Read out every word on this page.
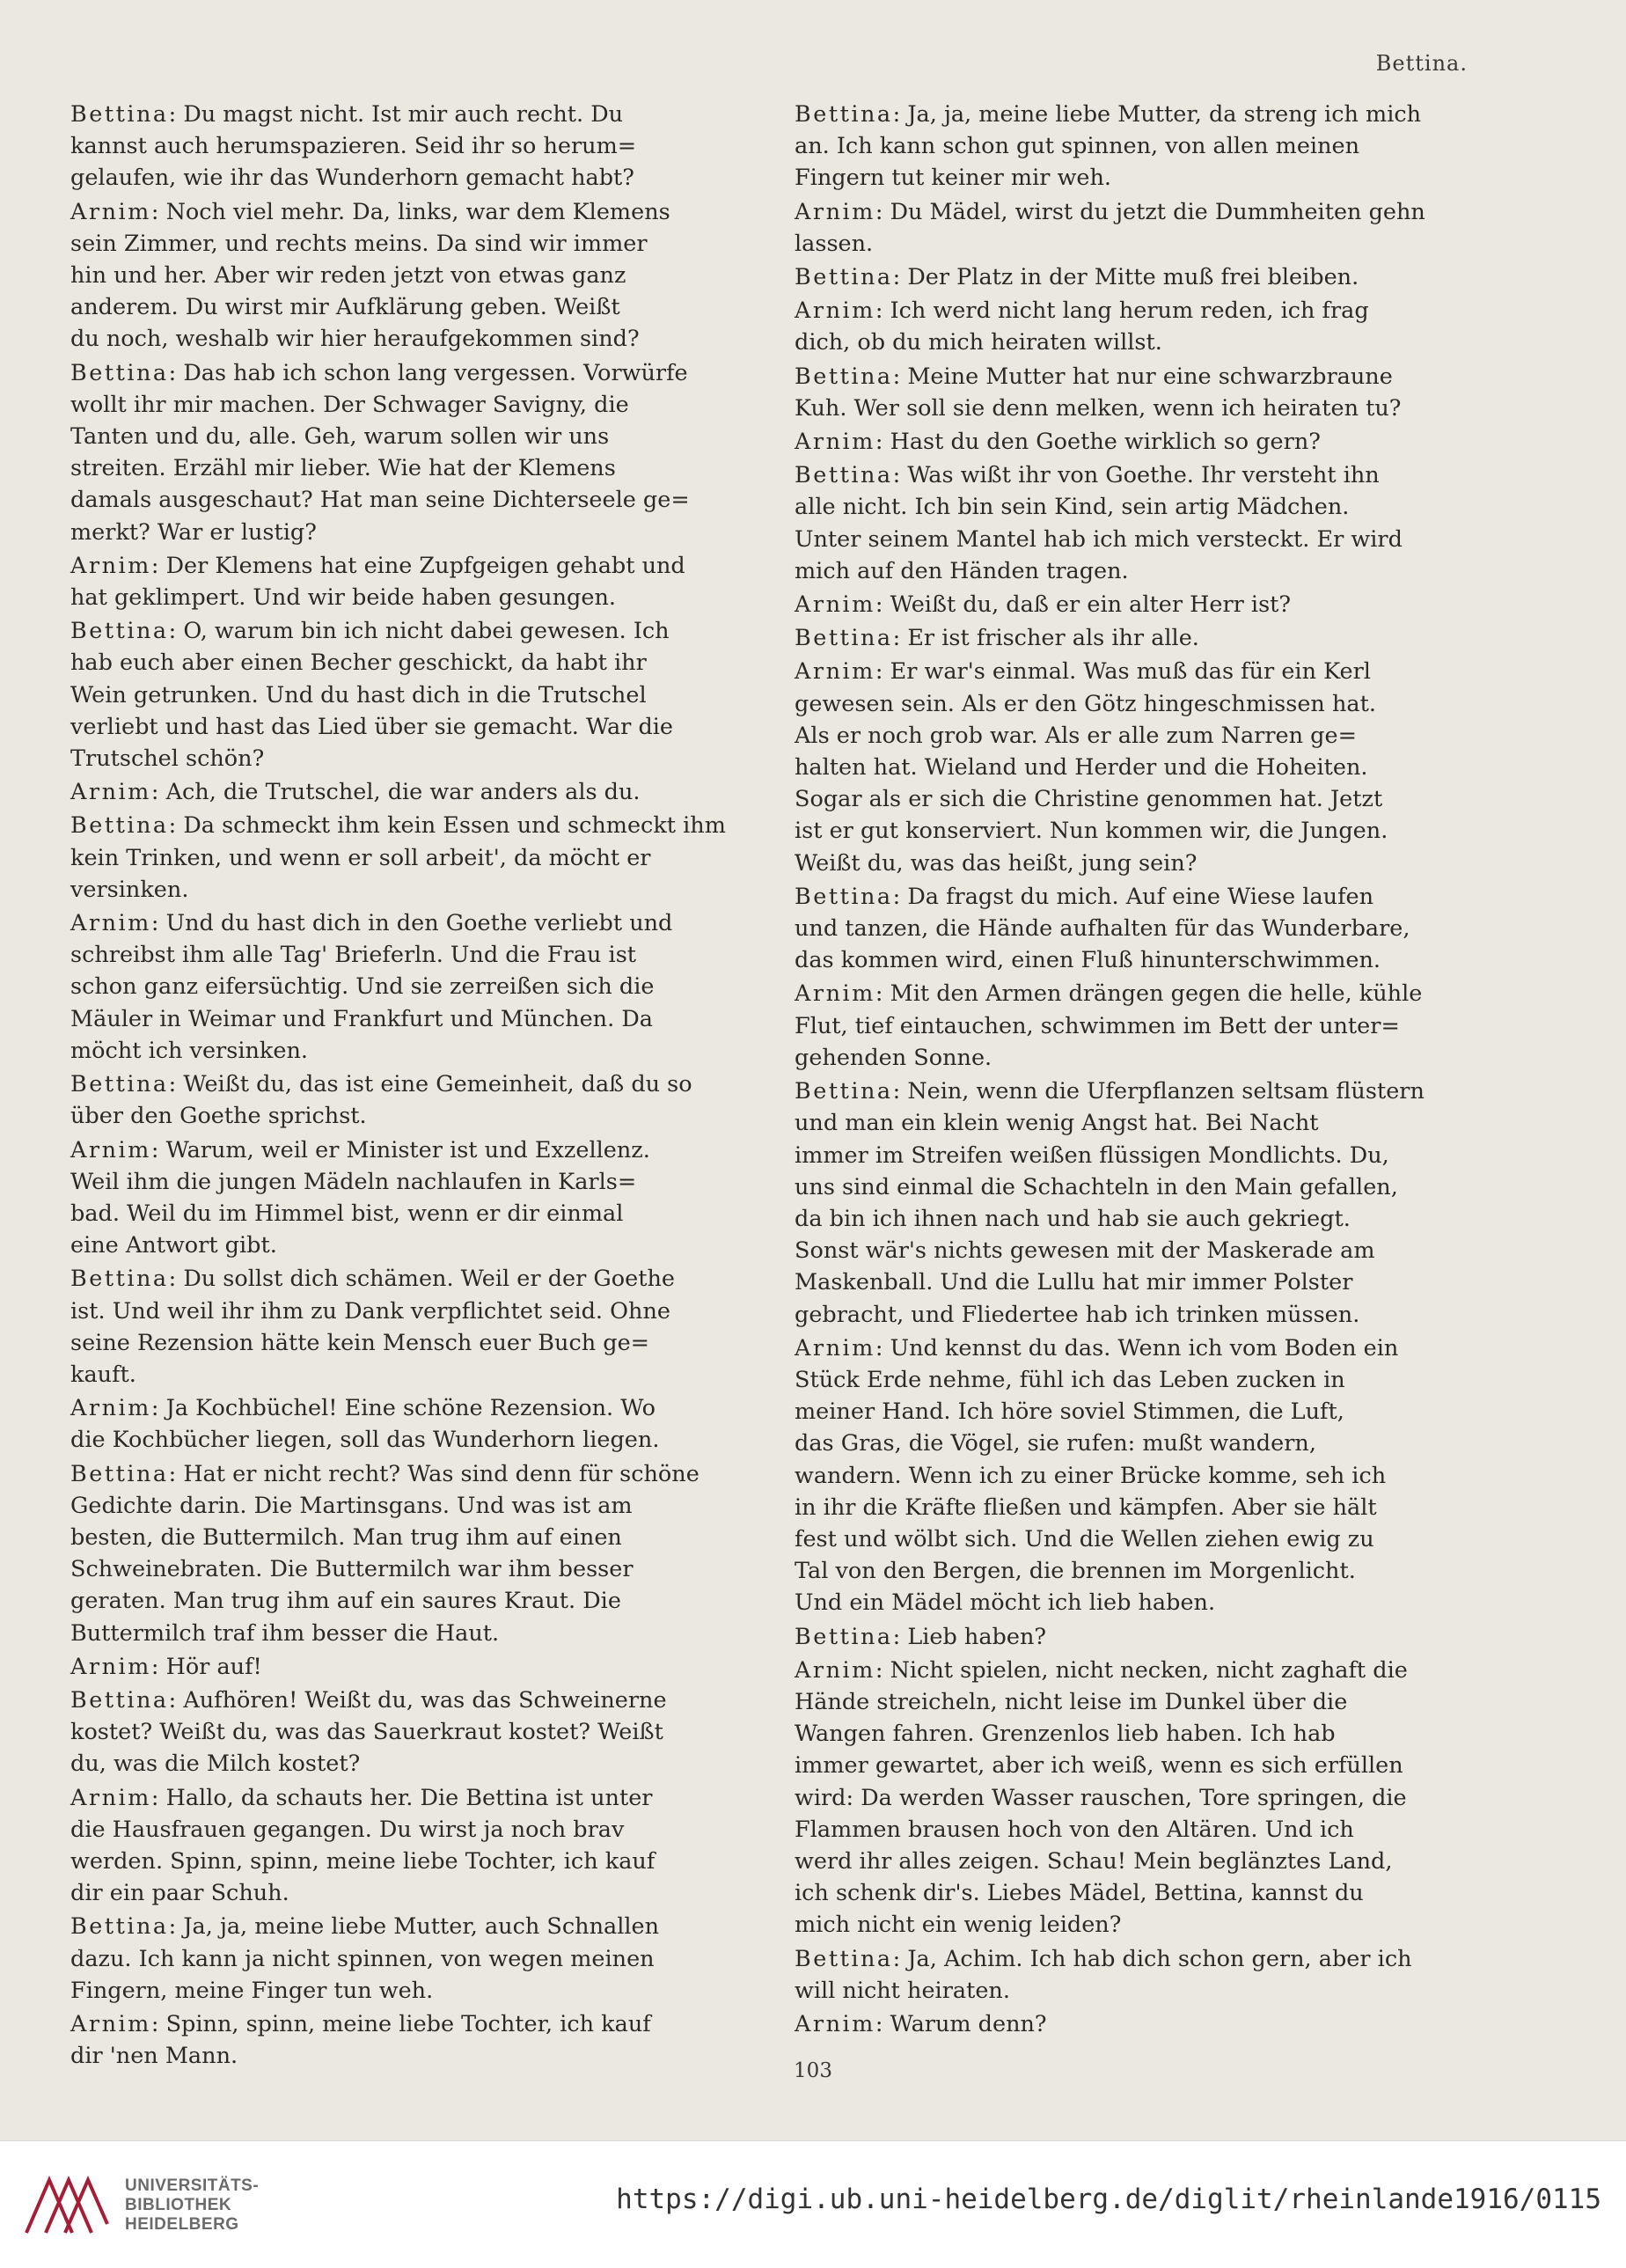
Bettina.

Bettina : Du magst nicht. Ist mir auch recht. Du

kannst auch herumspazieren. Seid ihr so herum=
gelaufen, wie ihr das Wunderhorn gemacht habt?

Arnim : Noch viel mehr. Da, links, war dem Klemens

sein Zimmer, und rechts meins. Da sind wir immer
hin und her. Aber wir reden jetzt von etwas ganz
anderem. Du wirst mir Aufklärung geben. Weißt
du noch, weshalb wir hier heraufgekommen sind?

Bettina : Das hab ich schon lang vergessen. Vorwürfe

wollt ihr mir machen. Der Schwager Savigny, die
Tanten und du, alle. Geh, warum sollen wir uns
streiten. Erzähl mir lieber. Wie hat der Klemens
damals ausgeschaut? Hat man seine Dichterseele ge=
merkt? War er lustig?

Arnim : Der Klemens hat eine Zupfgeigen gehabt und

hat geklimpert. Und wir beide haben gesungen.

Bettina : O, warum bin ich nicht dabei gewesen. Ich

hab euch aber einen Becher geschickt, da habt ihr
Wein getrunken. Und du hast dich in die Trutschel
verliebt und hast das Lied über sie gemacht. War die
Trutschel schön?

Arnim : Ach, die Trutschel, die war anders als du.

Bettina : Da schmeckt ihm kein Essen und schmeckt ihm

kein Trinken, und wenn er soll arbeit', da möcht er
versinken.

Arnim : Und du hast dich in den Goethe verliebt und

schreibst ihm alle Tag' Brieferln. Und die Frau ist
schon ganz eifersüchtig. Und sie zerreißen sich die
Mäuler in Weimar und Frankfurt und München. Da
möcht ich versinken.

Bettina : Weißt du, das ist eine Gemeinheit, daß du so

über den Goethe sprichst.

Arnim : Warum, weil er Minister ist und Exzellenz.

Weil ihm die jungen Mädeln nachlaufen in Karls=
bad. Weil du im Himmel bist, wenn er dir einmal
eine Antwort gibt.

Bettina : Du sollst dich schämen. Weil er der Goethe

ist. Und weil ihr ihm zu Dank verpflichtet seid. Ohne
seine Rezension hätte kein Mensch euer Buch ge=
kauft.

Arnim : Ja Kochbüchel! Eine schöne Rezension. Wo

die Kochbücher liegen, soll das Wunderhorn liegen.

Bettina : Hat er nicht recht? Was sind denn für schöne

Gedichte darin. Die Martinsgans. Und was ist am
besten, die Buttermilch. Man trug ihm auf einen
Schweinebraten. Die Buttermilch war ihm besser
geraten. Man trug ihm auf ein saures Kraut. Die
Buttermilch traf ihm besser die Haut.

Arnim : Hör auf!

Bettina : Aufhören! Weißt du, was das Schweinerne

kostet? Weißt du, was das Sauerkraut kostet? Weißt
du, was die Milch kostet?

Arnim : Hallo, da schauts her. Die Bettina ist unter

die Hausfrauen gegangen. Du wirst ja noch brav
werden. Spinn, spinn, meine liebe Tochter, ich kauf
dir ein paar Schuh.

Bettina : Ja, ja, meine liebe Mutter, auch Schnallen

dazu. Ich kann ja nicht spinnen, von wegen meinen
Fingern, meine Finger tun weh.

Arnim : Spinn, spinn, meine liebe Tochter, ich kauf

dir 'nen Mann.

Bettina : Ja, ja, meine liebe Mutter, da streng ich mich

an. Ich kann schon gut spinnen, von allen meinen
Fingern tut keiner mir weh.

Arnim : Du Mädel, wirst du jetzt die Dummheiten gehn

lassen.

Bettina : Der Platz in der Mitte muß frei bleiben.

Arnim : Ich werd nicht lang herum reden, ich frag

dich, ob du mich heiraten willst.

Bettina : Meine Mutter hat nur eine schwarzbraune

Kuh. Wer soll sie denn melken, wenn ich heiraten tu?

Arnim : Hast du den Goethe wirklich so gern?

Bettina : Was wißt ihr von Goethe. Ihr versteht ihn

alle nicht. Ich bin sein Kind, sein artig Mädchen.
Unter seinem Mantel hab ich mich versteckt. Er wird
mich auf den Händen tragen.

Arnim : Weißt du, daß er ein alter Herr ist?

Bettina : Er ist frischer als ihr alle.

Arnim : Er war's einmal. Was muß das für ein Kerl

gewesen sein. Als er den Götz hingeschmissen hat.
Als er noch grob war. Als er alle zum Narren ge=
halten hat. Wieland und Herder und die Hoheiten.
Sogar als er sich die Christine genommen hat. Jetzt
ist er gut konserviert. Nun kommen wir, die Jungen.
Weißt du, was das heißt, jung sein?

Bettina : Da fragst du mich. Auf eine Wiese laufen

und tanzen, die Hände aufhalten für das Wunderbare,
das kommen wird, einen Fluß hinunterschwimmen.

Arnim : Mit den Armen drängen gegen die helle, kühle

Flut, tief eintauchen, schwimmen im Bett der unter=
gehenden Sonne.

Bettina : Nein, wenn die Uferpflanzen seltsam flüstern

und man ein klein wenig Angst hat. Bei Nacht
immer im Streifen weißen flüssigen Mondlichts. Du,
uns sind einmal die Schachteln in den Main gefallen,
da bin ich ihnen nach und hab sie auch gekriegt.
Sonst wär's nichts gewesen mit der Maskerade am
Maskenball. Und die Lullu hat mir immer Polster
gebracht, und Fliedertee hab ich trinken müssen.

Arnim : Und kennst du das. Wenn ich vom Boden ein

Stück Erde nehme, fühl ich das Leben zucken in
meiner Hand. Ich höre soviel Stimmen, die Luft,
das Gras, die Vögel, sie rufen: mußt wandern,
wandern. Wenn ich zu einer Brücke komme, seh ich
in ihr die Kräfte fließen und kämpfen. Aber sie hält
fest und wölbt sich. Und die Wellen ziehen ewig zu
Tal von den Bergen, die brennen im Morgenlicht.
Und ein Mädel möcht ich lieb haben.

Bettina : Lieb haben?

Arnim : Nicht spielen, nicht necken, nicht zaghaft die

Hände streicheln, nicht leise im Dunkel über die
Wangen fahren. Grenzenlos lieb haben. Ich hab
immer gewartet, aber ich weiß, wenn es sich erfüllen
wird: Da werden Wasser rauschen, Tore springen, die
Flammen brausen hoch von den Altären. Und ich
werd ihr alles zeigen. Schau! Mein beglänztes Land,
ich schenk dir's. Liebes Mädel, Bettina, kannst du
mich nicht ein wenig leiden?

Bettina : Ja, Achim. Ich hab dich schon gern, aber ich

will nicht heiraten.

Arnim : Warum denn?

103
UNIVERSITÄTS-
BIBLIOTHEK
HEIDELBERG
https://digi.ub.uni-heidelberg.de/diglit/rheinlande1916/0115
